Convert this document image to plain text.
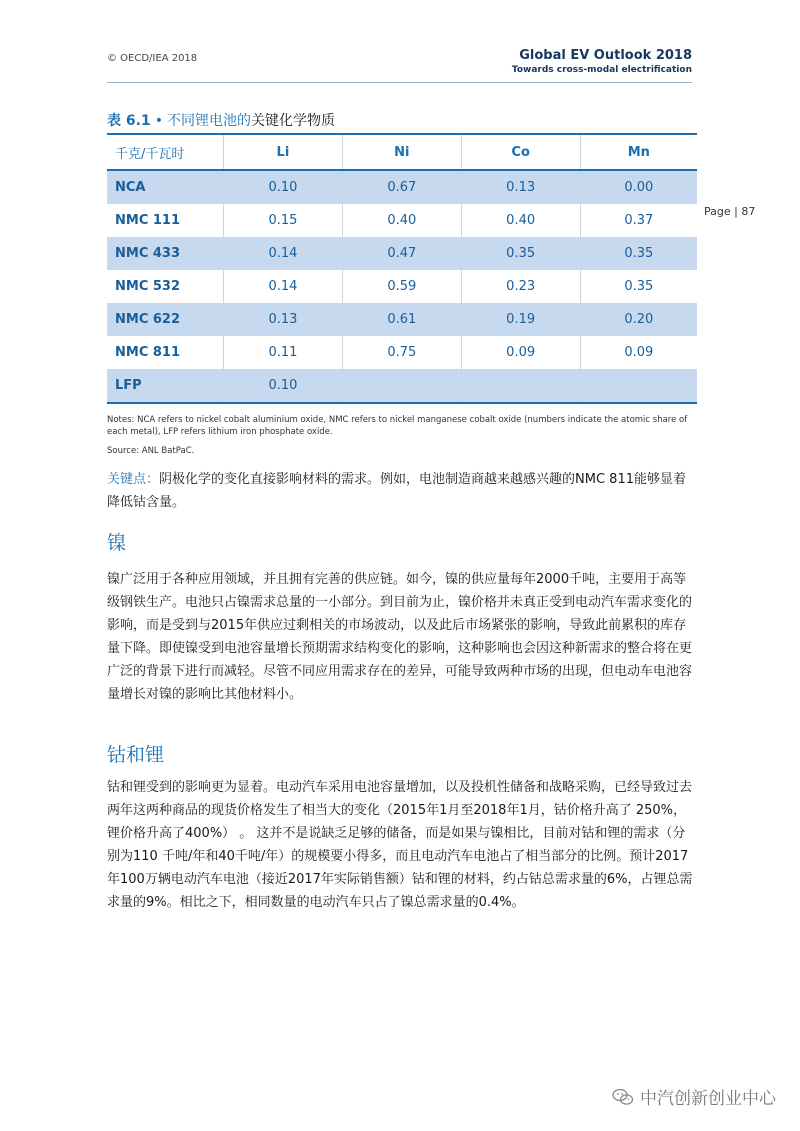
© OECD/IEA 2018	Global EV Outlook 2018
Towards cross-modal electrification
Page | 87
表 6.1 • 不同锂电池的关键化学物质
千克/千瓦时	Li	Ni	Co	Mn
NCA	0.10	0.67	0.13	0.00
NMC 111	0.15	0.40	0.40	0.37
NMC 433	0.14	0.47	0.35	0.35
NMC 532	0.14	0.59	0.23	0.35
NMC 622	0.13	0.61	0.19	0.20
NMC 811	0.11	0.75	0.09	0.09
LFP	0.10			
Notes: NCA refers to nickel cobalt aluminium oxide, NMC refers to nickel manganese cobalt oxide (numbers indicate the atomic share of each metal), LFP refers lithium iron phosphate oxide.
Source: ANL BatPaC.
关键点：阴极化学的变化直接影响材料的需求。例如，电池制造商越来越感兴趣的NMC 811能够显着降低钴含量。
镍
镍广泛用于各种应用领域，并且拥有完善的供应链。如今，镍的供应量每年2000千吨，主要用于高等级钢铁生产。电池只占镍需求总量的一小部分。到目前为止，镍价格并未真正受到电动汽车需求变化的影响，而是受到与2015年供应过剩相关的市场波动，以及此后市场紧张的影响，导致此前累积的库存量下降。即使镍受到电池容量增长预期需求结构变化的影响，这种影响也会因这种新需求的整合将在更广泛的背景下进行而减轻。尽管不同应用需求存在的差异，可能导致两种市场的出现，但电动车电池容量增长对镍的影响比其他材料小。
钴和锂
钴和锂受到的影响更为显着。电动汽车采用电池容量增加，以及投机性储备和战略采购，已经导致过去两年这两种商品的现货价格发生了相当大的变化（2015年1月至2018年1月，钴价格升高了 250%，锂价格升高了400%） 。 这并不是说缺乏足够的储备，而是如果与镍相比，目前对钴和锂的需求（分别为110 千吨/年和40千吨/年）的规模要小得多，而且电动汽车电池占了相当部分的比例。预计2017年100万辆电动汽车电池（接近2017年实际销售额）钴和锂的材料，约占钴总需求量的6%，占锂总需求量的9%。相比之下，相同数量的电动汽车只占了镍总需求量的0.4%。
中汽创新创业中心
